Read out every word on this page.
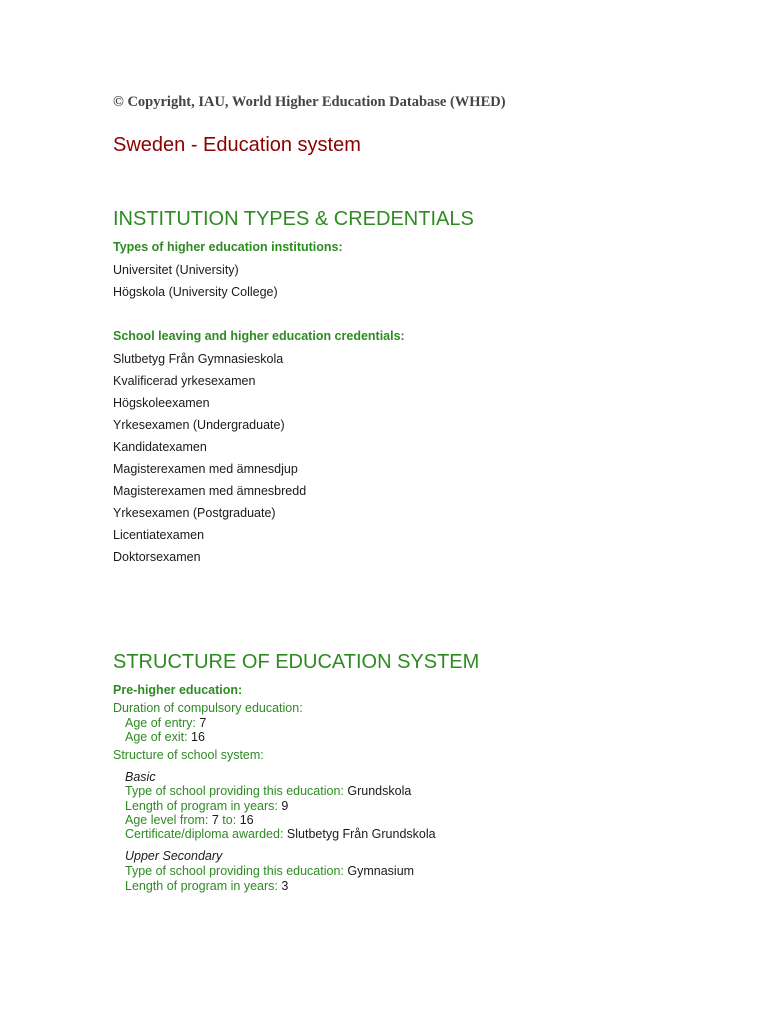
© Copyright, IAU, World Higher Education Database (WHED)
Sweden - Education system
INSTITUTION TYPES & CREDENTIALS
Types of higher education institutions:
Universitet (University)
Högskola (University College)
School leaving and higher education credentials:
Slutbetyg Från Gymnasieskola
Kvalificerad yrkesexamen
Högskoleexamen
Yrkesexamen (Undergraduate)
Kandidatexamen
Magisterexamen med ämnesdjup
Magisterexamen med ämnesbredd
Yrkesexamen (Postgraduate)
Licentiatexamen
Doktorsexamen
STRUCTURE OF EDUCATION SYSTEM
Pre-higher education:
Duration of compulsory education:
Age of entry: 7
Age of exit: 16
Structure of school system:
Basic
Type of school providing this education: Grundskola
Length of program in years: 9
Age level from: 7 to: 16
Certificate/diploma awarded: Slutbetyg Från Grundskola
Upper Secondary
Type of school providing this education: Gymnasium
Length of program in years: 3
